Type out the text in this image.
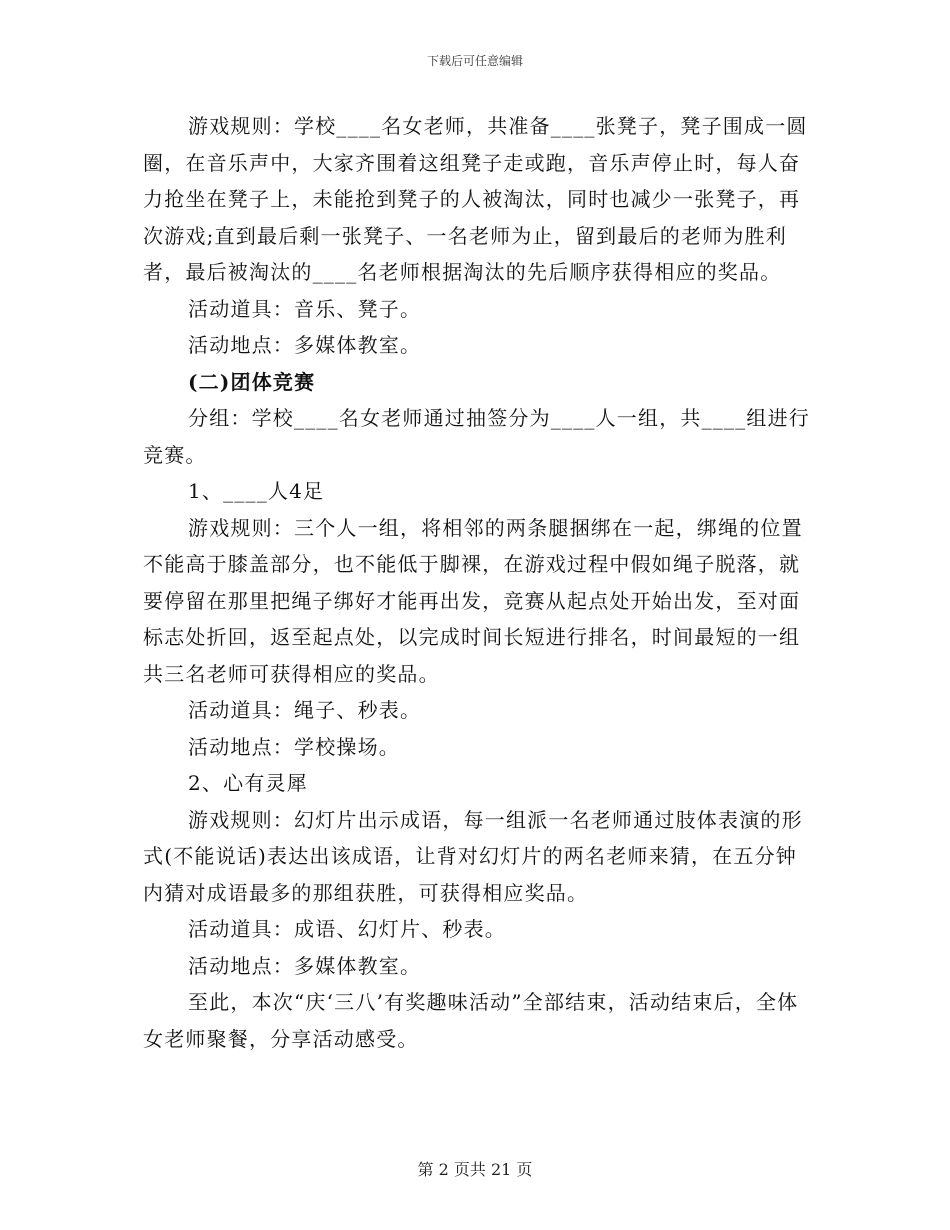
下载后可任意编辑

游戏规则：学校____名女老师，共准备____张凳子，凳子围成一圆圈，在音乐声中，大家齐围着这组凳子走或跑，音乐声停止时，每人奋力抢坐在凳子上，未能抢到凳子的人被淘汰，同时也减少一张凳子，再次游戏;直到最后剩一张凳子、一名老师为止，留到最后的老师为胜利者，最后被淘汰的____名老师根据淘汰的先后顺序获得相应的奖品。

活动道具：音乐、凳子。

活动地点：多媒体教室。

(二)团体竞赛

分组：学校____名女老师通过抽签分为____人一组，共____组进行竞赛。

1、____人4足

游戏规则：三个人一组，将相邻的两条腿捆绑在一起，绑绳的位置不能高于膝盖部分，也不能低于脚裸，在游戏过程中假如绳子脱落，就要停留在那里把绳子绑好才能再出发，竞赛从起点处开始出发，至对面标志处折回，返至起点处，以完成时间长短进行排名，时间最短的一组共三名老师可获得相应的奖品。

活动道具：绳子、秒表。

活动地点：学校操场。

2、心有灵犀

游戏规则：幻灯片出示成语，每一组派一名老师通过肢体表演的形式(不能说话)表达出该成语，让背对幻灯片的两名老师来猜，在五分钟内猜对成语最多的那组获胜，可获得相应奖品。

活动道具：成语、幻灯片、秒表。

活动地点：多媒体教室。

至此，本次“庆‘三八’有奖趣味活动”全部结束，活动结束后，全体女老师聚餐，分享活动感受。

第 2 页共 21 页
